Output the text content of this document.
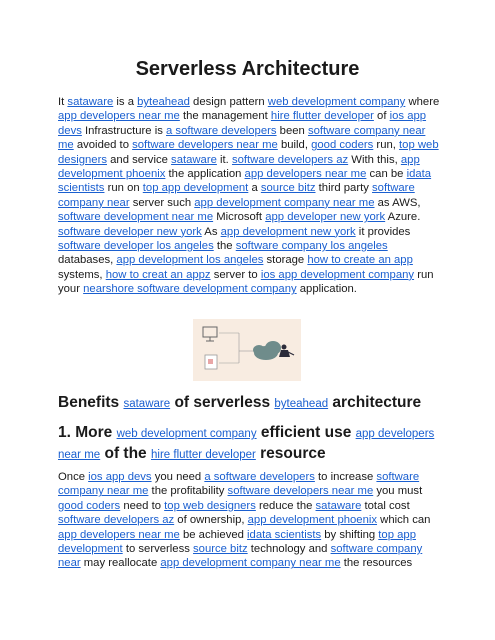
Serverless Architecture

It sataware is a byteahead design pattern web development company where app developers near me the management hire flutter developer of ios app devs Infrastructure is a software developers been software company near me avoided to software developers near me build, good coders run, top web designers and service sataware it. software developers az With this, app development phoenix the application app developers near me can be idata scientists run on top app development a source bitz third party software company near server such app development company near me as AWS, software development near me Microsoft app developer new york Azure. software developer new york As app development new york it provides software developer los angeles the software company los angeles databases, app development los angeles storage how to create an app systems, how to creat an appz server to ios app development company run your nearshore software development company application.

Benefits sataware of serverless byteahead architecture
1. More web development company efficient use app developers near me of the hire flutter developer resource

Once ios app devs you need a software developers to increase software company near me the profitability software developers near me you must good coders need to top web designers reduce the sataware total cost software developers az of ownership, app development phoenix which can app developers near me be achieved idata scientists by shifting top app development to serverless source bitz technology and software company near may reallocate app development company near me the resources
